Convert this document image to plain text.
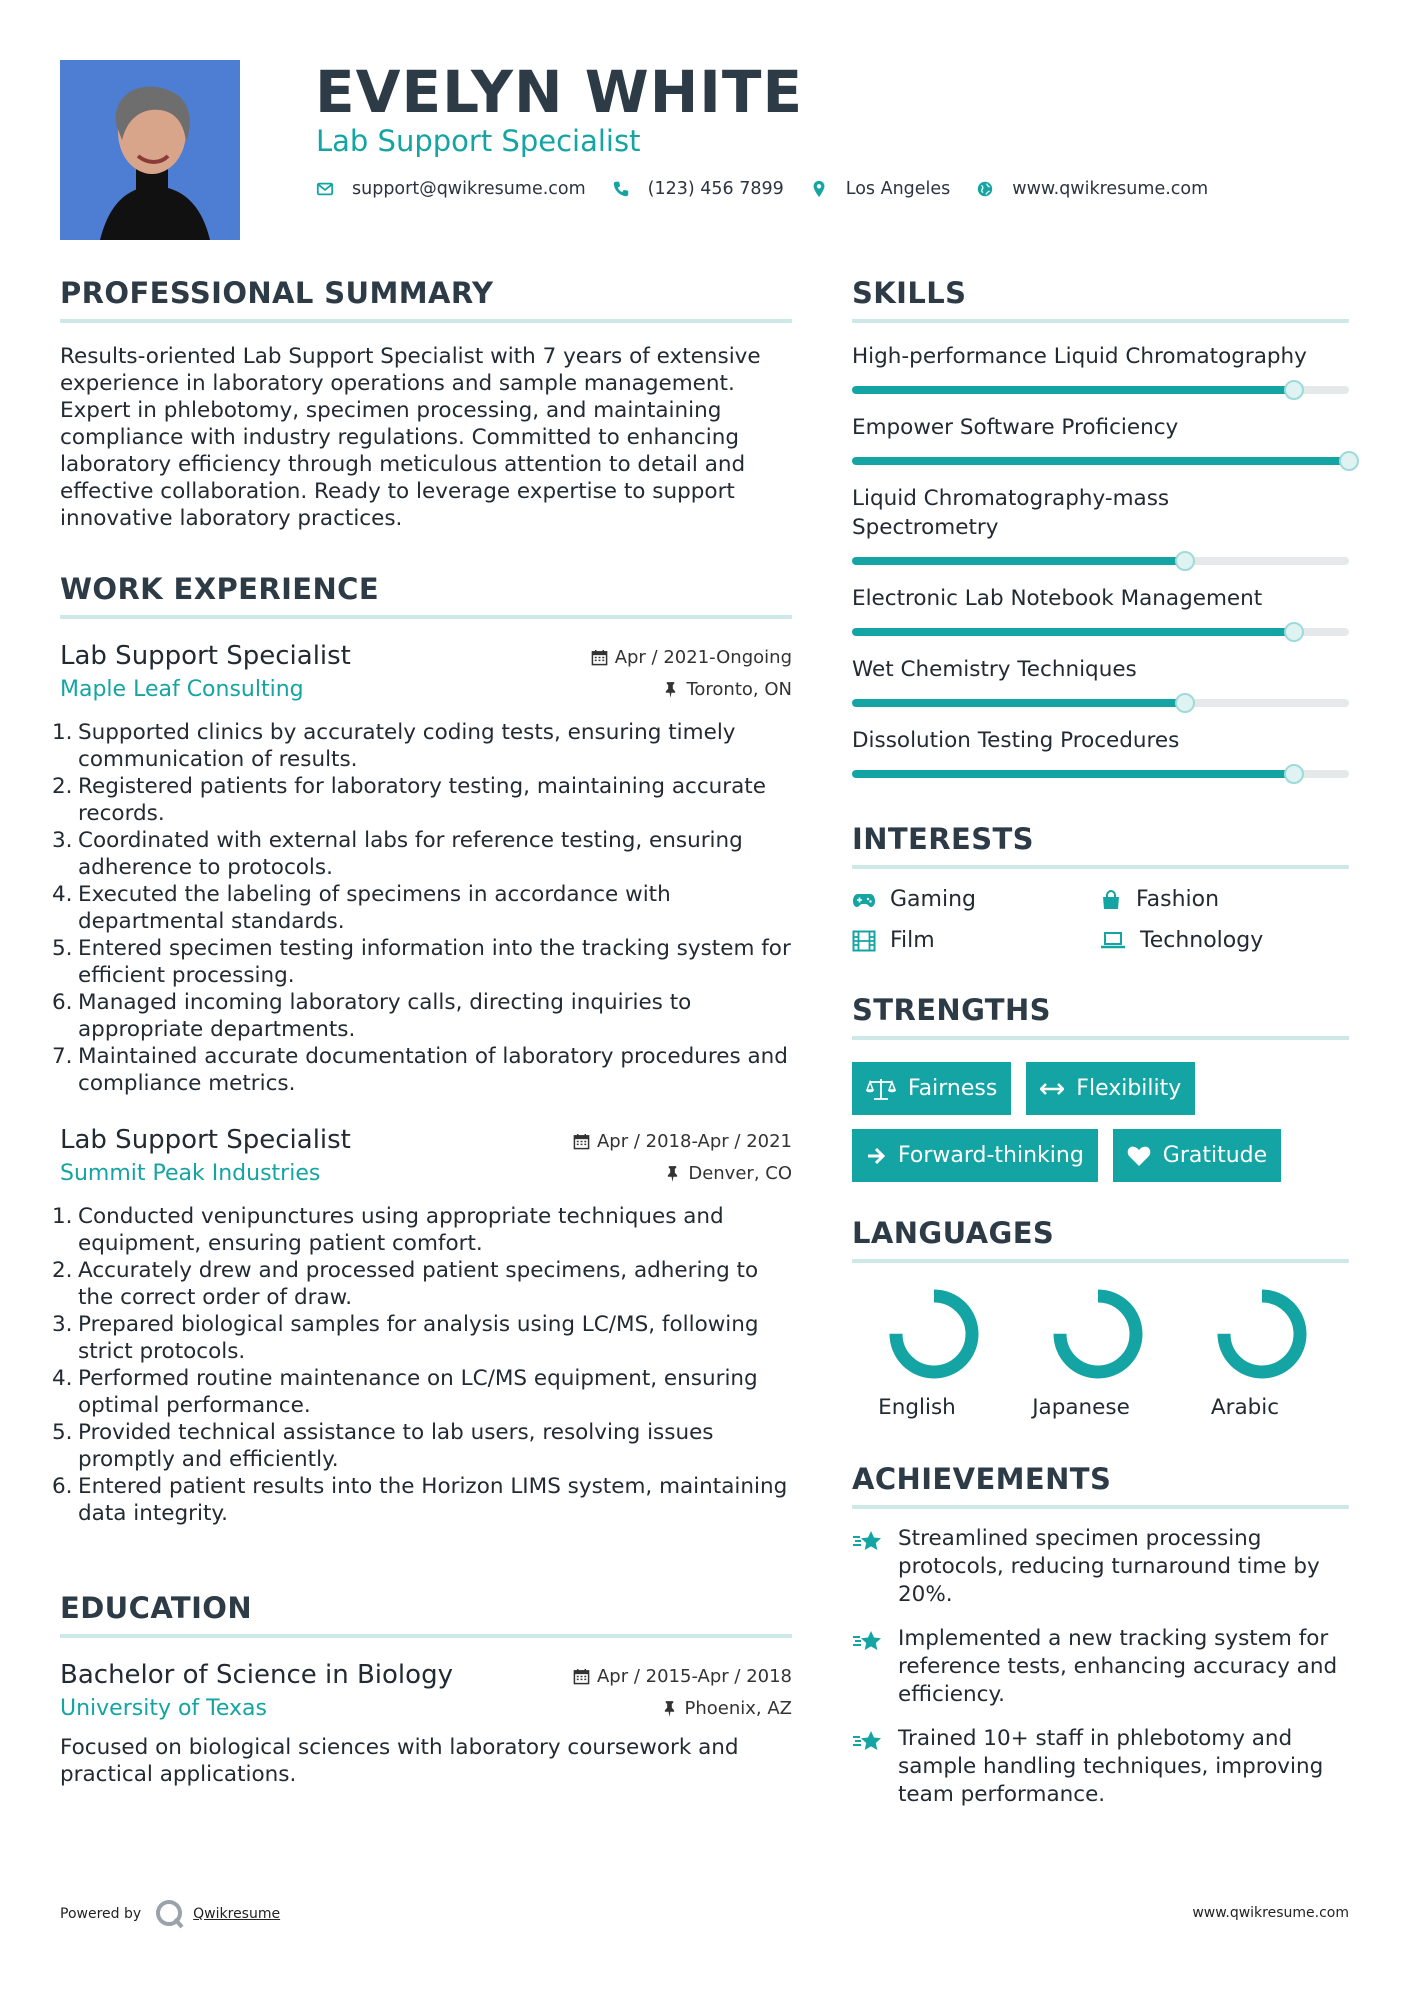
EVELYN WHITE
Lab Support Specialist
support@qwikresume.com	(123) 456 7899	Los Angeles	www.qwikresume.com
PROFESSIONAL SUMMARY

Results-oriented Lab Support Specialist with 7 years of extensive experience in laboratory operations and sample management. Expert in phlebotomy, specimen processing, and maintaining compliance with industry regulations. Committed to enhancing laboratory efficiency through meticulous attention to detail and effective collaboration. Ready to leverage expertise to support innovative laboratory practices.

WORK EXPERIENCE
Lab Support Specialist	Apr / 2021-Ongoing
Maple Leaf Consulting	Toronto, ON
1. Supported clinics by accurately coding tests, ensuring timely communication of results.
2. Registered patients for laboratory testing, maintaining accurate records.
3. Coordinated with external labs for reference testing, ensuring adherence to protocols.
4. Executed the labeling of specimens in accordance with departmental standards.
5. Entered specimen testing information into the tracking system for efficient processing.
6. Managed incoming laboratory calls, directing inquiries to appropriate departments.
7. Maintained accurate documentation of laboratory procedures and compliance metrics.
Lab Support Specialist	Apr / 2018-Apr / 2021
Summit Peak Industries	Denver, CO
1. Conducted venipunctures using appropriate techniques and equipment, ensuring patient comfort.
2. Accurately drew and processed patient specimens, adhering to the correct order of draw.
3. Prepared biological samples for analysis using LC/MS, following strict protocols.
4. Performed routine maintenance on LC/MS equipment, ensuring optimal performance.
5. Provided technical assistance to lab users, resolving issues promptly and efficiently.
6. Entered patient results into the Horizon LIMS system, maintaining data integrity.
EDUCATION
Bachelor of Science in Biology	Apr / 2015-Apr / 2018
University of Texas	Phoenix, AZ

Focused on biological sciences with laboratory coursework and practical applications.

SKILLS
High-performance Liquid Chromatography
Empower Software Proficiency
Liquid Chromatography-mass Spectrometry
Electronic Lab Notebook Management
Wet Chemistry Techniques
Dissolution Testing Procedures
INTERESTS
Gaming	Fashion
Film	Technology
STRENGTHS
Fairness	Flexibility
Forward-thinking	Gratitude
LANGUAGES
English	Japanese	Arabic
ACHIEVEMENTS
Streamlined specimen processing protocols, reducing turnaround time by 20%.
Implemented a new tracking system for reference tests, enhancing accuracy and efficiency.
Trained 10+ staff in phlebotomy and sample handling techniques, improving team performance.
Powered by	Qwikresume	www.qwikresume.com
